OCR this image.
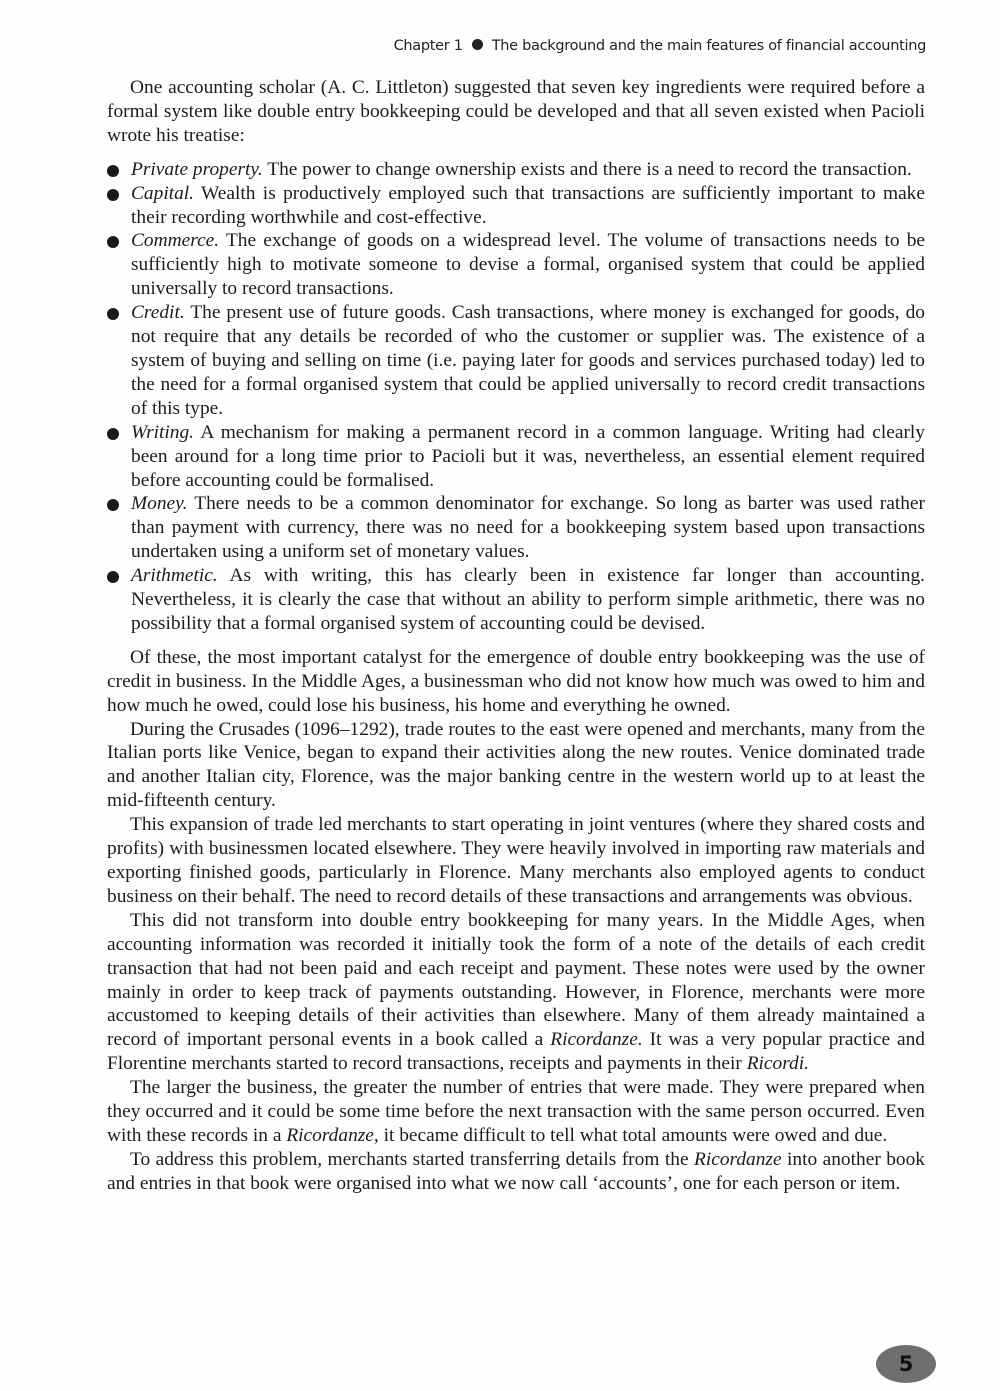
Chapter 1 The background and the main features of financial accounting

One accounting scholar (A. C. Littleton) suggested that seven key ingredients were required before a formal system like double entry bookkeeping could be developed and that all seven existed when Pacioli wrote his treatise:

Private property. The power to change ownership exists and there is a need to record the transaction.
Capital. Wealth is productively employed such that transactions are sufficiently important to make their recording worthwhile and cost-effective.
Commerce. The exchange of goods on a widespread level. The volume of transactions needs to be sufficiently high to motivate someone to devise a formal, organised system that could be applied universally to record transactions.
Credit. The present use of future goods. Cash transactions, where money is exchanged for goods, do not require that any details be recorded of who the customer or supplier was. The existence of a system of buying and selling on time (i.e. paying later for goods and services purchased today) led to the need for a formal organised system that could be applied universally to record credit transactions of this type.
Writing. A mechanism for making a permanent record in a common language. Writing had clearly been around for a long time prior to Pacioli but it was, nevertheless, an essential element required before accounting could be formalised.
Money. There needs to be a common denominator for exchange. So long as barter was used rather than payment with currency, there was no need for a bookkeeping system based upon transactions undertaken using a uniform set of monetary values.
Arithmetic. As with writing, this has clearly been in existence far longer than accounting. Nevertheless, it is clearly the case that without an ability to perform simple arithmetic, there was no possibility that a formal organised system of accounting could be devised.

Of these, the most important catalyst for the emergence of double entry bookkeeping was the use of credit in business. In the Middle Ages, a businessman who did not know how much was owed to him and how much he owed, could lose his business, his home and everything he owned.

During the Crusades (1096–1292), trade routes to the east were opened and merchants, many from the Italian ports like Venice, began to expand their activities along the new routes. Venice dominated trade and another Italian city, Florence, was the major banking centre in the western world up to at least the mid-fifteenth century.

This expansion of trade led merchants to start operating in joint ventures (where they shared costs and profits) with businessmen located elsewhere. They were heavily involved in importing raw materials and exporting finished goods, particularly in Florence. Many merchants also employed agents to conduct business on their behalf. The need to record details of these transactions and arrangements was obvious.

This did not transform into double entry bookkeeping for many years. In the Middle Ages, when accounting information was recorded it initially took the form of a note of the details of each credit transaction that had not been paid and each receipt and payment. These notes were used by the owner mainly in order to keep track of payments outstanding. However, in Florence, merchants were more accustomed to keeping details of their activities than elsewhere. Many of them already maintained a record of important personal events in a book called a Ricordanze. It was a very popular practice and Florentine merchants started to record transactions, receipts and payments in their Ricordi.

The larger the business, the greater the number of entries that were made. They were prepared when they occurred and it could be some time before the next transaction with the same person occurred. Even with these records in a Ricordanze, it became difficult to tell what total amounts were owed and due.

To address this problem, merchants started transferring details from the Ricordanze into another book and entries in that book were organised into what we now call ‘accounts’, one for each person or item.

5
